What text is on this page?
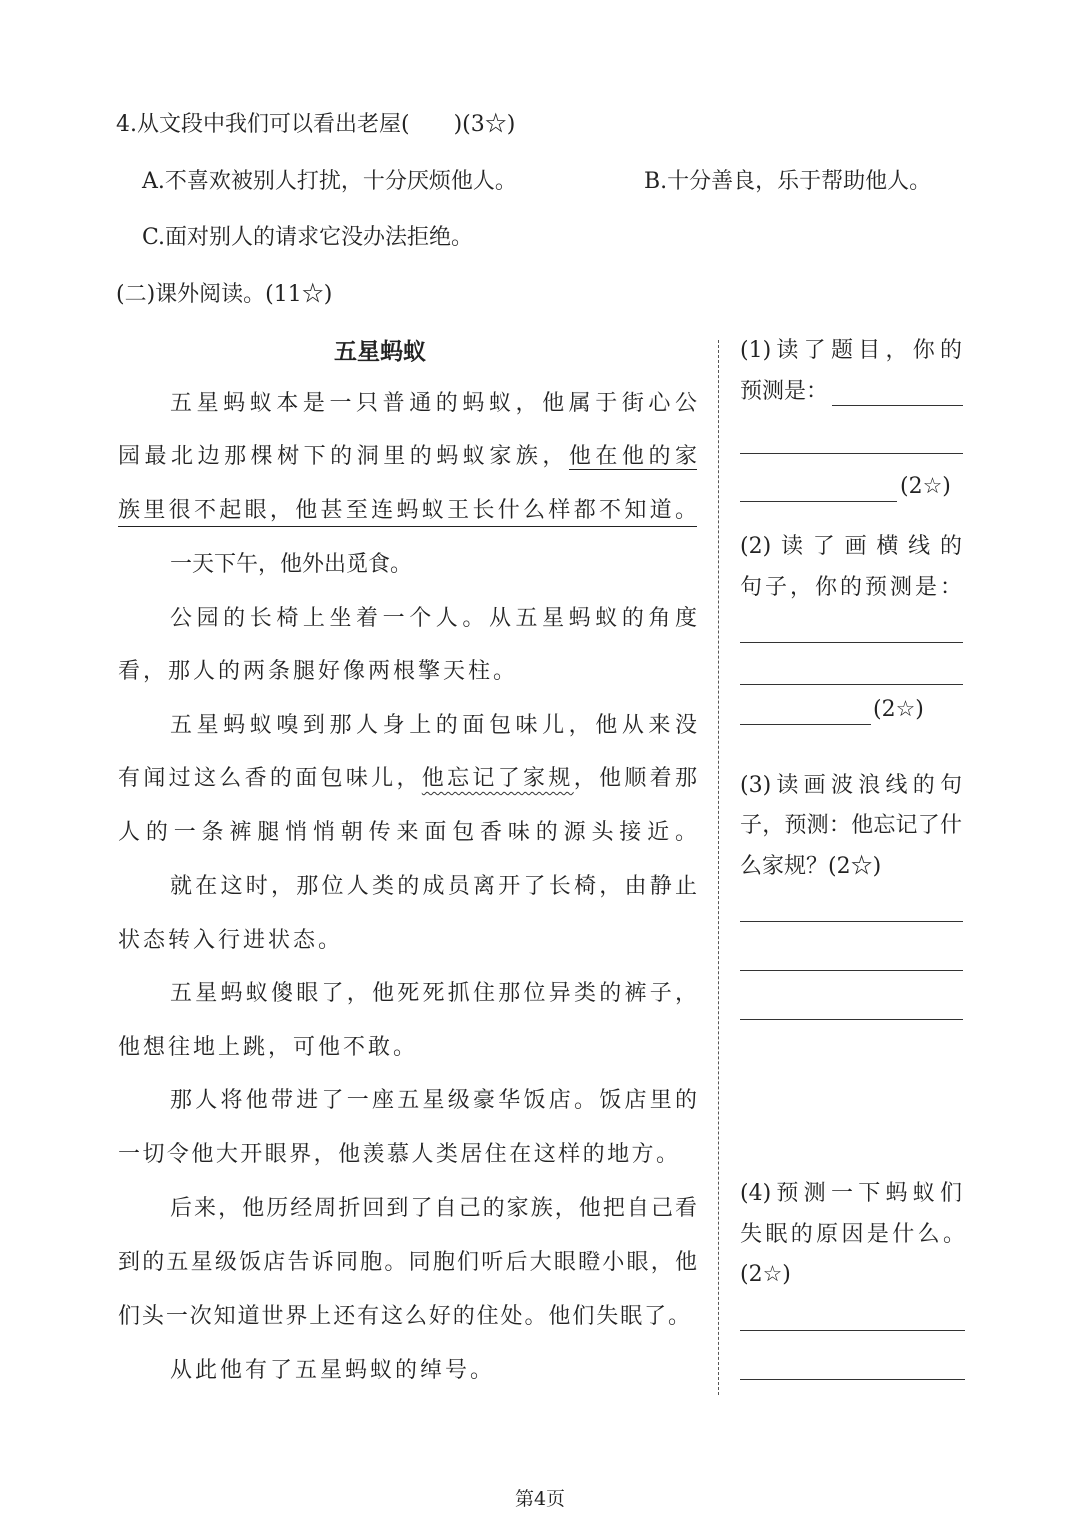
4.从文段中我们可以看出老屋(　　)(3☆)
A.不喜欢被别人打扰，十分厌烦他人。	B.十分善良，乐于帮助他人。
C.面对别人的请求它没办法拒绝。
(二)课外阅读。(11☆)
五星蚂蚁
五星蚂蚁本是一只普通的蚂蚁，他属于街心公
园最北边那棵树下的洞里的蚂蚁家族，他在他的家
族里很不起眼，他甚至连蚂蚁王长什么样都不知道。
一天下午，他外出觅食。
公园的长椅上坐着一个人。从五星蚂蚁的角度
看，那人的两条腿好像两根擎天柱。
五星蚂蚁嗅到那人身上的面包味儿，他从来没
有闻过这么香的面包味儿，他忘记了家规，他顺着那
人的一条裤腿悄悄朝传来面包香味的源头接近。
就在这时，那位人类的成员离开了长椅，由静止
状态转入行进状态。
五星蚂蚁傻眼了，他死死抓住那位异类的裤子，
他想往地上跳，可他不敢。
那人将他带进了一座五星级豪华饭店。饭店里的
一切令他大开眼界，他羡慕人类居住在这样的地方。
后来，他历经周折回到了自己的家族，他把自己看
到的五星级饭店告诉同胞。同胞们听后大眼瞪小眼，他
们头一次知道世界上还有这么好的住处。他们失眠了。
从此他有了五星蚂蚁的绰号。
(1)读了题目，你的
预测是：
(2☆)
(2)读了画横线的
句子，你的预测是：
(2☆)
(3)读画波浪线的句
子，预测：他忘记了什
么家规？(2☆)
(4)预测一下蚂蚁们
失眠的原因是什么。
(2☆)
第4页
